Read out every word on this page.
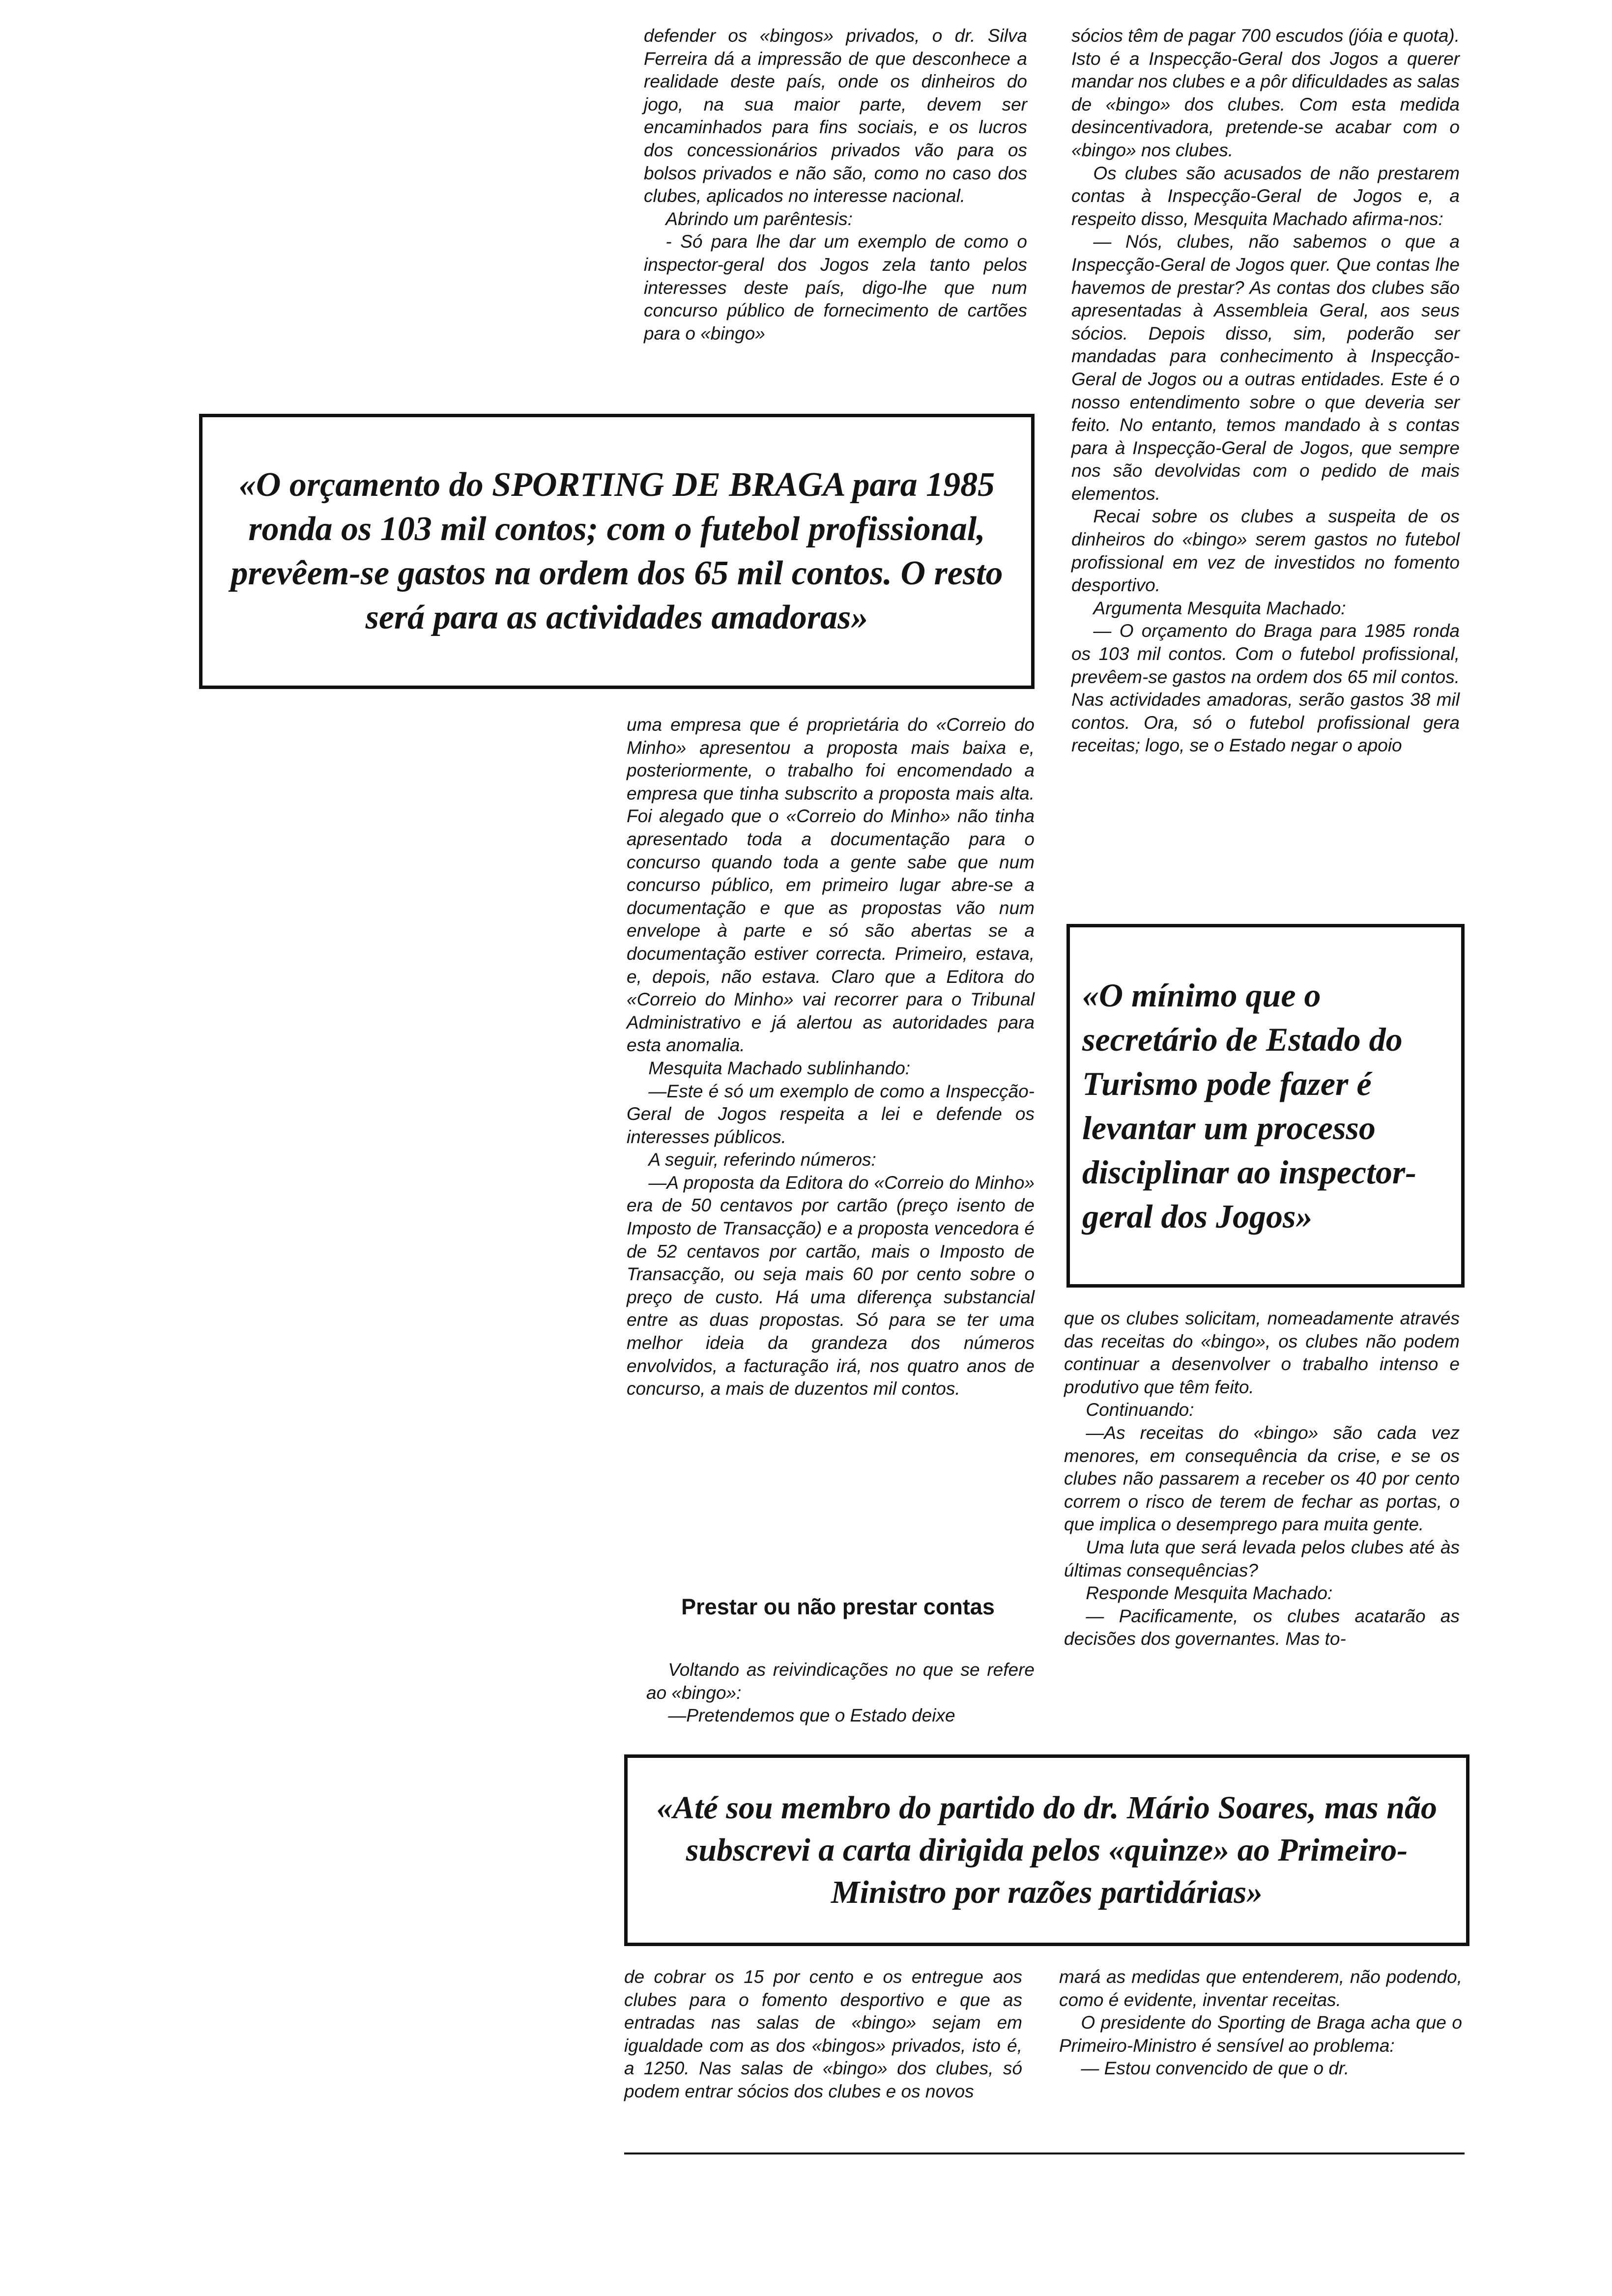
defender os «bingos» privados, o dr. Silva Ferreira dá a impressão de que desconhece a realidade deste país, onde os dinheiros do jogo, na sua maior parte, devem ser encaminhados para fins sociais, e os lucros dos concessionários privados vão para os bolsos privados e não são, como no caso dos clubes, aplicados no interesse nacional.

Abrindo um parêntesis:

- Só para lhe dar um exemplo de como o inspector-geral dos Jogos zela tanto pelos interesses deste país, digo-lhe que num concurso público de fornecimento de cartões para o «bingo»

sócios têm de pagar 700 escudos (jóia e quota). Isto é a Inspecção-Geral dos Jogos a querer mandar nos clubes e a pôr dificuldades as salas de «bingo» dos clubes. Com esta medida desincentivadora, pretende-se acabar com o «bingo» nos clubes.

Os clubes são acusados de não prestarem contas à Inspecção-Geral de Jogos e, a respeito disso, Mesquita Machado afirma-nos:

— Nós, clubes, não sabemos o que a Inspecção-Geral de Jogos quer. Que contas lhe havemos de prestar? As contas dos clubes são apresentadas à Assembleia Geral, aos seus sócios. Depois disso, sim, poderão ser mandadas para conhecimento à Inspecção-Geral de Jogos ou a outras entidades. Este é o nosso entendimento sobre o que deveria ser feito. No entanto, temos mandado à s contas para à Inspecção-Geral de Jogos, que sempre nos são devolvidas com o pedido de mais elementos.

Recai sobre os clubes a suspeita de os dinheiros do «bingo» serem gastos no futebol profissional em vez de investidos no fomento desportivo.

Argumenta Mesquita Machado:

— O orçamento do Braga para 1985 ronda os 103 mil contos. Com o futebol profissional, prevêem-se gastos na ordem dos 65 mil contos. Nas actividades amadoras, serão gastos 38 mil contos. Ora, só o futebol profissional gera receitas; logo, se o Estado negar o apoio

«O orçamento do SPORTING DE BRAGA para 1985 ronda os 103 mil contos; com o futebol profissional, prevêem-se gastos na ordem dos 65 mil contos. O resto será para as actividades amadoras»

uma empresa que é proprietária do «Correio do Minho» apresentou a proposta mais baixa e, posteriormente, o trabalho foi encomendado a empresa que tinha subscrito a proposta mais alta. Foi alegado que o «Correio do Minho» não tinha apresentado toda a documentação para o concurso quando toda a gente sabe que num concurso público, em primeiro lugar abre-se a documentação e que as propostas vão num envelope à parte e só são abertas se a documentação estiver correcta. Primeiro, estava, e, depois, não estava. Claro que a Editora do «Correio do Minho» vai recorrer para o Tribunal Administrativo e já alertou as autoridades para esta anomalia.

Mesquita Machado sublinhando:

—Este é só um exemplo de como a Inspecção-Geral de Jogos respeita a lei e defende os interesses públicos.

A seguir, referindo números:

—A proposta da Editora do «Correio do Minho» era de 50 centavos por cartão (preço isento de Imposto de Transacção) e a proposta vencedora é de 52 centavos por cartão, mais o Imposto de Transacção, ou seja mais 60 por cento sobre o preço de custo. Há uma diferença substancial entre as duas propostas. Só para se ter uma melhor ideia da grandeza dos números envolvidos, a facturação irá, nos quatro anos de concurso, a mais de duzentos mil contos.

Prestar ou não prestar contas

Voltando as reivindicações no que se refere ao «bingo»:

—Pretendemos que o Estado deixe

«O mínimo que o secretário de Estado do Turismo pode fazer é levantar um processo disciplinar ao inspector-geral dos Jogos»

que os clubes solicitam, nomeadamente através das receitas do «bingo», os clubes não podem continuar a desenvolver o trabalho intenso e produtivo que têm feito.

Continuando:

—As receitas do «bingo» são cada vez menores, em consequência da crise, e se os clubes não passarem a receber os 40 por cento correm o risco de terem de fechar as portas, o que implica o desemprego para muita gente.

Uma luta que será levada pelos clubes até às últimas consequências?

Responde Mesquita Machado:

— Pacificamente, os clubes acatarão as decisões dos governantes. Mas to-

«Até sou membro do partido do dr. Mário Soares, mas não subscrevi a carta dirigida pelos «quinze» ao Primeiro-Ministro por razões partidárias»

de cobrar os 15 por cento e os entregue aos clubes para o fomento desportivo e que as entradas nas salas de «bingo» sejam em igualdade com as dos «bingos» privados, isto é, a 1250. Nas salas de «bingo» dos clubes, só podem entrar sócios dos clubes e os novos

mará as medidas que entenderem, não podendo, como é evidente, inventar receitas.

O presidente do Sporting de Braga acha que o Primeiro-Ministro é sensível ao problema:

— Estou convencido de que o dr.
